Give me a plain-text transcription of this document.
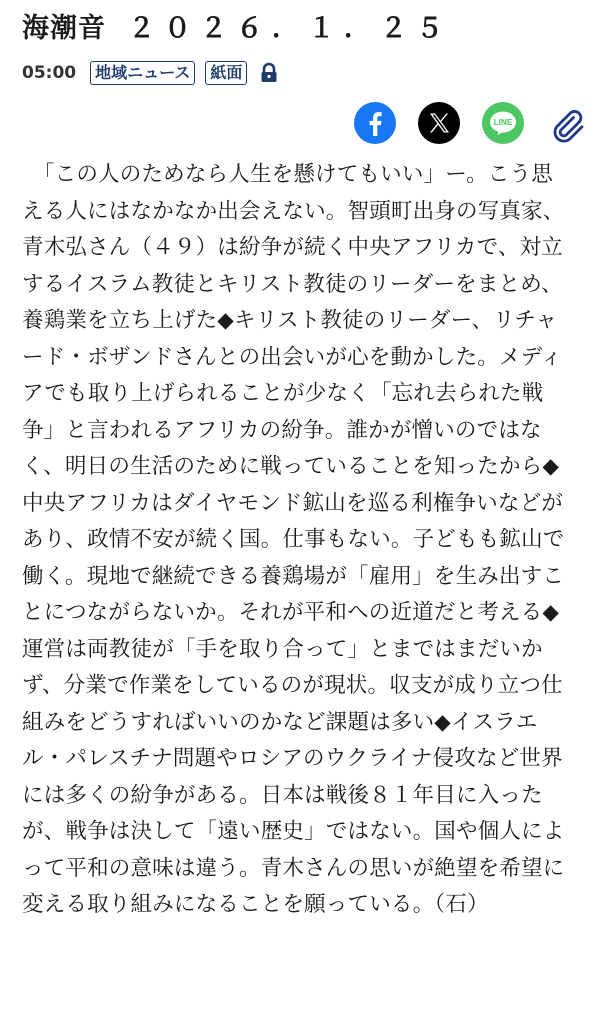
海潮音 ２０２６．１．２５
05:00	地域ニュース	紙面
LINE
　「この人のためなら人生を懸けてもいい」ー。こう思
える人にはなかなか出会えない。智頭町出身の写真家、
青木弘さん（４９）は紛争が続く中央アフリカで、対立
するイスラム教徒とキリスト教徒のリーダーをまとめ、
養鶏業を立ち上げた◆キリスト教徒のリーダー、リチャ
ード・ボザンドさんとの出会いが心を動かした。メディ
アでも取り上げられることが少なく「忘れ去られた戦
争」と言われるアフリカの紛争。誰かが憎いのではな
く、明日の生活のために戦っていることを知ったから◆
中央アフリカはダイヤモンド鉱山を巡る利権争いなどが
あり、政情不安が続く国。仕事もない。子どもも鉱山で
働く。現地で継続できる養鶏場が「雇用」を生み出すこ
とにつながらないか。それが平和への近道だと考える◆
運営は両教徒が「手を取り合って」とまではまだいか
ず、分業で作業をしているのが現状。収支が成り立つ仕
組みをどうすればいいのかなど課題は多い◆イスラエ
ル・パレスチナ問題やロシアのウクライナ侵攻など世界
には多くの紛争がある。日本は戦後８１年目に入った
が、戦争は決して「遠い歴史」ではない。国や個人によ
って平和の意味は違う。青木さんの思いが絶望を希望に
変える取り組みになることを願っている。（石）
